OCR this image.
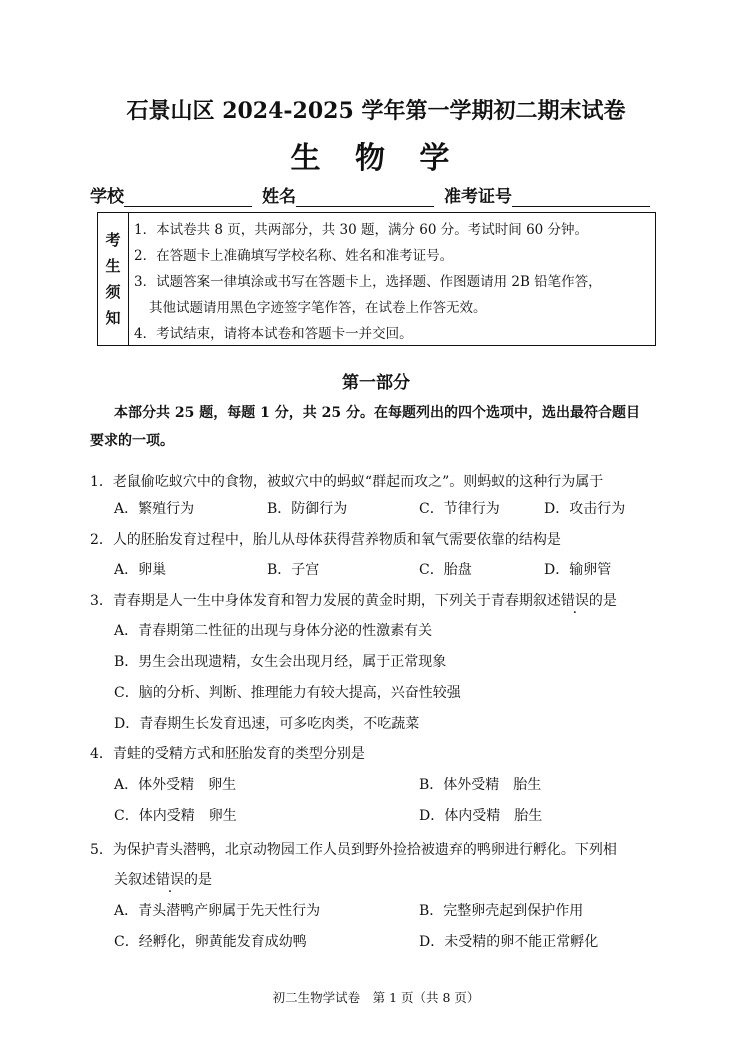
石景山区 2024-2025 学年第一学期初二期末试卷
生 物 学
学校	姓名	准考证号
考
生
须
知
1．本试卷共 8 页，共两部分，共 30 题，满分 60 分。考试时间 60 分钟。
2．在答题卡上准确填写学校名称、姓名和准考证号。
3．试题答案一律填涂或书写在答题卡上，选择题、作图题请用 2B 铅笔作答，
其他试题请用黑色字迹签字笔作答，在试卷上作答无效。
4．考试结束，请将本试卷和答题卡一并交回。
第一部分
本部分共 25 题，每题 1 分，共 25 分。在每题列出的四个选项中，选出最符合题目
要求的一项。
1．老鼠偷吃蚁穴中的食物，被蚁穴中的蚂蚁“群起而攻之”。则蚂蚁的这种行为属于
A．繁殖行为	B．防御行为	C．节律行为	D．攻击行为
2．人的胚胎发育过程中，胎儿从母体获得营养物质和氧气需要依靠的结构是
A．卵巢	B．子宫	C．胎盘	D．输卵管
3．青春期是人一生中身体发育和智力发展的黄金时期，下列关于青春期叙述错误的是
A．青春期第二性征的出现与身体分泌的性激素有关
B．男生会出现遗精，女生会出现月经，属于正常现象
C．脑的分析、判断、推理能力有较大提高，兴奋性较强
D．青春期生长发育迅速，可多吃肉类，不吃蔬菜
4．青蛙的受精方式和胚胎发育的类型分别是
A．体外受精　卵生	B．体外受精　胎生
C．体内受精　卵生	D．体内受精　胎生
5．为保护青头潜鸭，北京动物园工作人员到野外捡拾被遗弃的鸭卵进行孵化。下列相
关叙述错误的是
A．青头潜鸭产卵属于先天性行为	B．完整卵壳起到保护作用
C．经孵化，卵黄能发育成幼鸭	D．未受精的卵不能正常孵化
初二生物学试卷　第 1 页（共 8 页）
